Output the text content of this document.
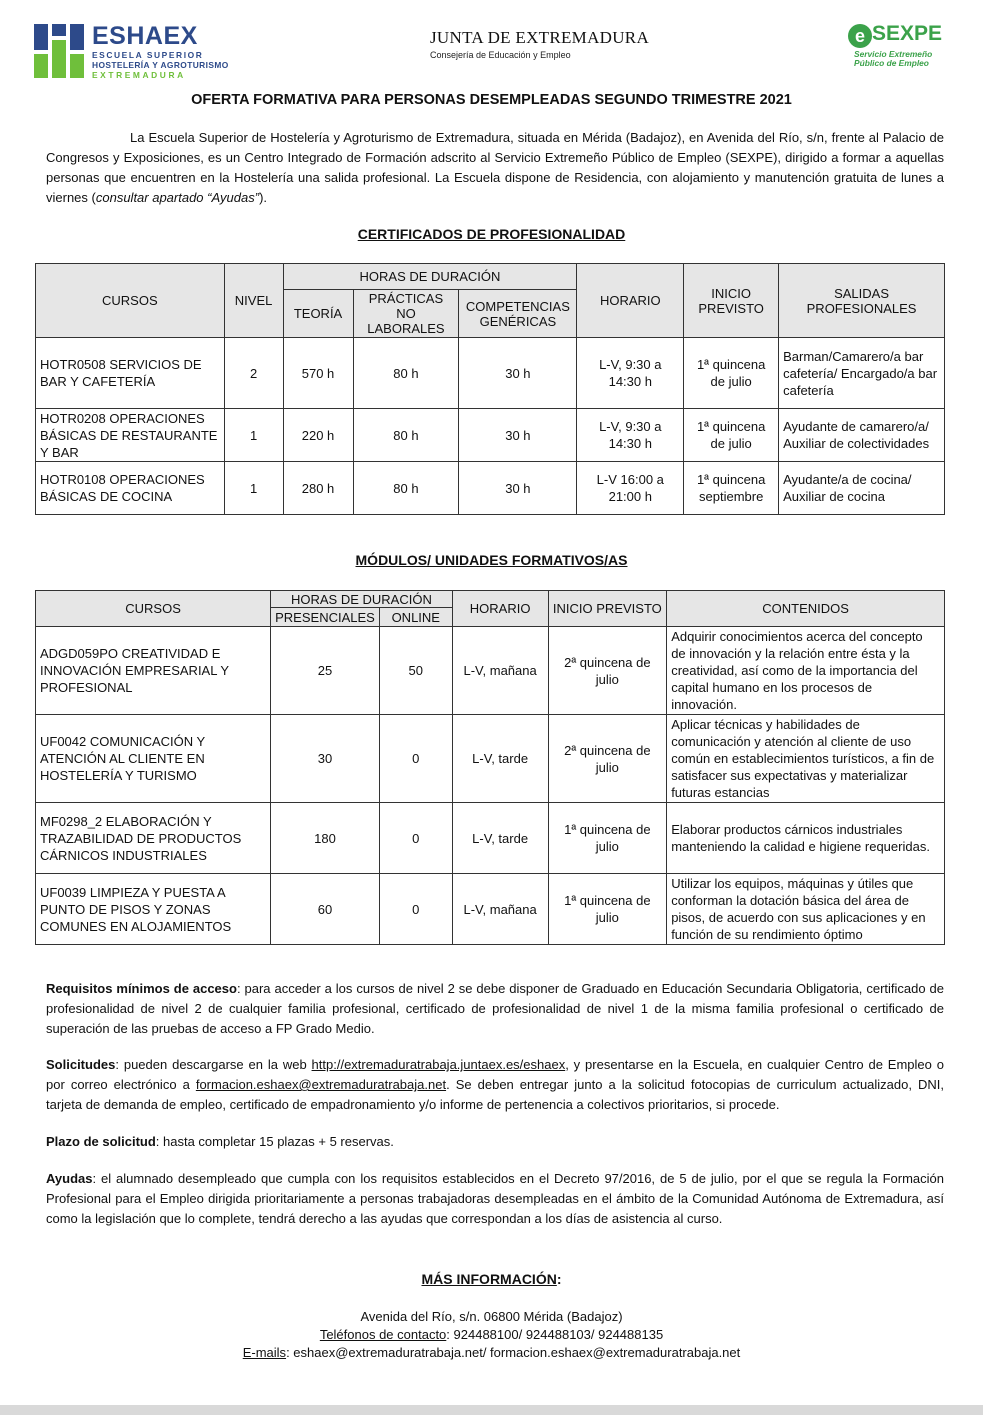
ESHAEX
ESCUELA SUPERIOR
HOSTELERÍA Y AGROTURISMO
EXTREMADURA
JUNTA DE EXTREMADURA
Consejería de Educación y Empleo
e SEXPE
Servicio Extremeño Público de Empleo
OFERTA FORMATIVA PARA PERSONAS DESEMPLEADAS SEGUNDO TRIMESTRE 2021
La Escuela Superior de Hostelería y Agroturismo de Extremadura, situada en Mérida (Badajoz), en Avenida del Río, s/n, frente al Palacio de Congresos y Exposiciones, es un Centro Integrado de Formación adscrito al Servicio Extremeño Público de Empleo (SEXPE), dirigido a formar a aquellas personas que encuentren en la Hostelería una salida profesional. La Escuela dispone de Residencia, con alojamiento y manutención gratuita de lunes a viernes (consultar apartado “Ayudas”).
CERTIFICADOS DE PROFESIONALIDAD
CURSOS	NIVEL	HORAS DE DURACIÓN			HORARIO	INICIO PREVISTO	SALIDAS PROFESIONALES
		TEORÍA	PRÁCTICAS NO LABORALES	COMPETENCIAS GENÉRICAS			
HOTR0508 SERVICIOS DE BAR Y CAFETERÍA	2	570 h	80 h	30 h	L-V, 9:30 a 14:30 h	1ª quincena de julio	Barman/Camarero/a bar cafetería/ Encargado/a bar cafetería
HOTR0208 OPERACIONES BÁSICAS DE RESTAURANTE Y BAR	1	220 h	80 h	30 h	L-V, 9:30 a 14:30 h	1ª quincena de julio	Ayudante de camarero/a/ Auxiliar de colectividades
HOTR0108 OPERACIONES BÁSICAS DE COCINA	1	280 h	80 h	30 h	L-V 16:00 a 21:00 h	1ª quincena septiembre	Ayudante/a de cocina/ Auxiliar de cocina
MÓDULOS/ UNIDADES FORMATIVOS/AS
CURSOS	HORAS DE DURACIÓN		HORARIO	INICIO PREVISTO	CONTENIDOS
	PRESENCIALES	ONLINE			
ADGD059PO CREATIVIDAD E INNOVACIÓN EMPRESARIAL Y PROFESIONAL	25	50	L-V, mañana	2ª quincena de julio	Adquirir conocimientos acerca del concepto de innovación y la relación entre ésta y la creatividad, así como de la importancia del capital humano en los procesos de innovación.
UF0042 COMUNICACIÓN Y ATENCIÓN AL CLIENTE EN HOSTELERÍA Y TURISMO	30	0	L-V, tarde	2ª quincena de julio	Aplicar técnicas y habilidades de comunicación y atención al cliente de uso común en establecimientos turísticos, a fin de satisfacer sus expectativas y materializar futuras estancias
MF0298_2 ELABORACIÓN Y TRAZABILIDAD DE PRODUCTOS CÁRNICOS INDUSTRIALES	180	0	L-V, tarde	1ª quincena de julio	Elaborar productos cárnicos industriales manteniendo la calidad e higiene requeridas.
UF0039 LIMPIEZA Y PUESTA A PUNTO DE PISOS Y ZONAS COMUNES EN ALOJAMIENTOS	60	0	L-V, mañana	1ª quincena de julio	Utilizar los equipos, máquinas y útiles que conforman la dotación básica del área de pisos, de acuerdo con sus aplicaciones y en función de su rendimiento óptimo
Requisitos mínimos de acceso: para acceder a los cursos de nivel 2 se debe disponer de Graduado en Educación Secundaria Obligatoria, certificado de profesionalidad de nivel 2 de cualquier familia profesional, certificado de profesionalidad de nivel 1 de la misma familia profesional o certificado de superación de las pruebas de acceso a FP Grado Medio.
Solicitudes: pueden descargarse en la web http://extremaduratrabaja.juntaex.es/eshaex, y presentarse en la Escuela, en cualquier Centro de Empleo o por correo electrónico a formacion.eshaex@extremaduratrabaja.net. Se deben entregar junto a la solicitud fotocopias de curriculum actualizado, DNI, tarjeta de demanda de empleo, certificado de empadronamiento y/o informe de pertenencia a colectivos prioritarios, si procede.
Plazo de solicitud: hasta completar 15 plazas + 5 reservas.
Ayudas: el alumnado desempleado que cumpla con los requisitos establecidos en el Decreto 97/2016, de 5 de julio, por el que se regula la Formación Profesional para el Empleo dirigida prioritariamente a personas trabajadoras desempleadas en el ámbito de la Comunidad Autónoma de Extremadura, así como la legislación que lo complete, tendrá derecho a las ayudas que correspondan a los días de asistencia al curso.
MÁS INFORMACIÓN:
Avenida del Río, s/n. 06800 Mérida (Badajoz)
Teléfonos de contacto: 924488100/ 924488103/ 924488135
E-mails: eshaex@extremaduratrabaja.net/ formacion.eshaex@extremaduratrabaja.net
